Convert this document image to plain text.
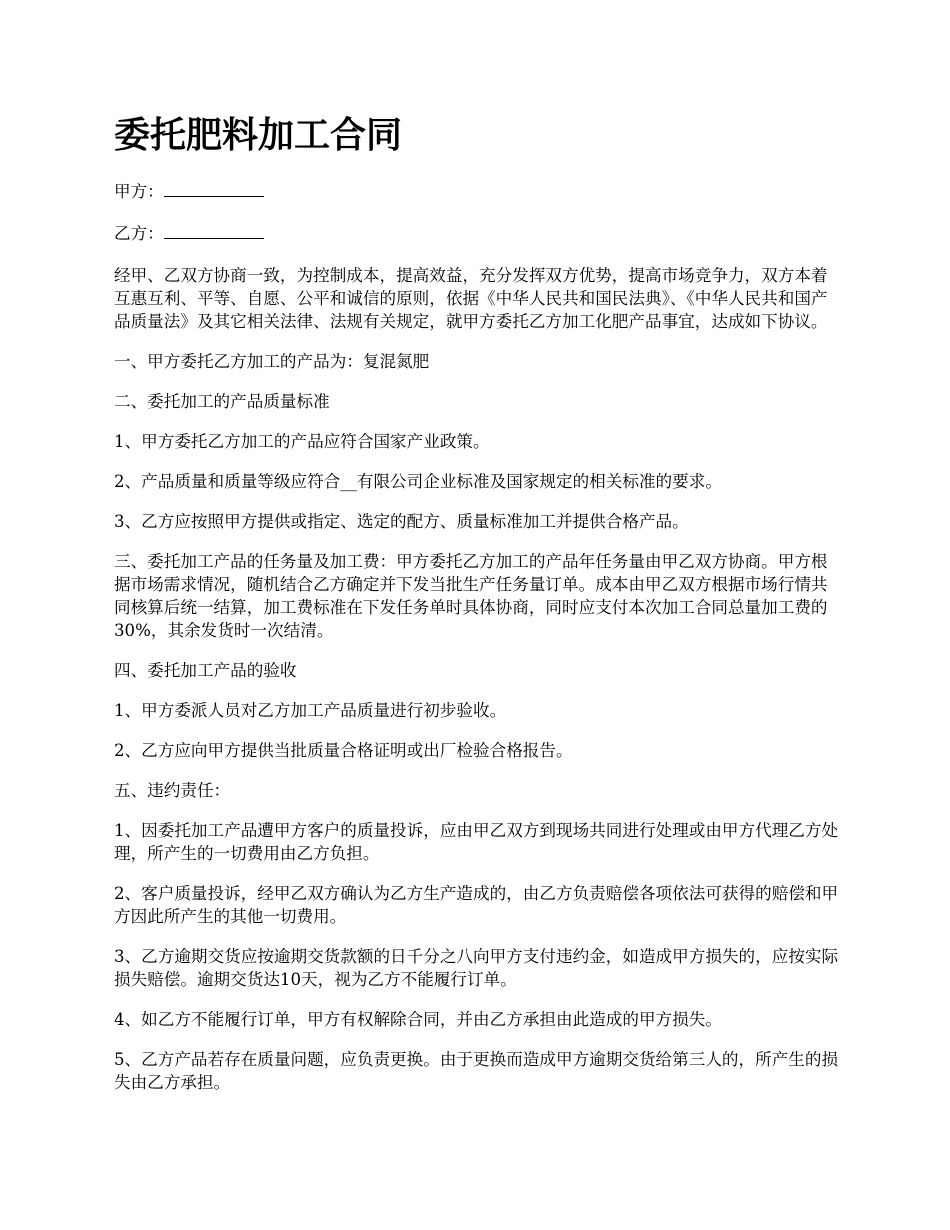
委托肥料加工合同
甲方：
乙方：

经甲、乙双方协商一致，为控制成本，提高效益，充分发挥双方优势，提高市场竞争力，双方本着互惠互利、平等、自愿、公平和诚信的原则，依据《中华人民共和国民法典》、《中华人民共和国产品质量法》及其它相关法律、法规有关规定，就甲方委托乙方加工化肥产品事宜，达成如下协议。

一、甲方委托乙方加工的产品为：复混氮肥

二、委托加工的产品质量标准

1、甲方委托乙方加工的产品应符合国家产业政策。

2、产品质量和质量等级应符合__有限公司企业标准及国家规定的相关标准的要求。

3、乙方应按照甲方提供或指定、选定的配方、质量标准加工并提供合格产品。

三、委托加工产品的任务量及加工费：甲方委托乙方加工的产品年任务量由甲乙双方协商。甲方根据市场需求情况，随机结合乙方确定并下发当批生产任务量订单。成本由甲乙双方根据市场行情共同核算后统一结算，加工费标准在下发任务单时具体协商，同时应支付本次加工合同总量加工费的30%，其余发货时一次结清。

四、委托加工产品的验收

1、甲方委派人员对乙方加工产品质量进行初步验收。

2、乙方应向甲方提供当批质量合格证明或出厂检验合格报告。

五、违约责任：

1、因委托加工产品遭甲方客户的质量投诉，应由甲乙双方到现场共同进行处理或由甲方代理乙方处理，所产生的一切费用由乙方负担。

2、客户质量投诉，经甲乙双方确认为乙方生产造成的，由乙方负责赔偿各项依法可获得的赔偿和甲方因此所产生的其他一切费用。

3、乙方逾期交货应按逾期交货款额的日千分之八向甲方支付违约金，如造成甲方损失的，应按实际损失赔偿。逾期交货达10天，视为乙方不能履行订单。

4、如乙方不能履行订单，甲方有权解除合同，并由乙方承担由此造成的甲方损失。

5、乙方产品若存在质量问题，应负责更换。由于更换而造成甲方逾期交货给第三人的，所产生的损失由乙方承担。
